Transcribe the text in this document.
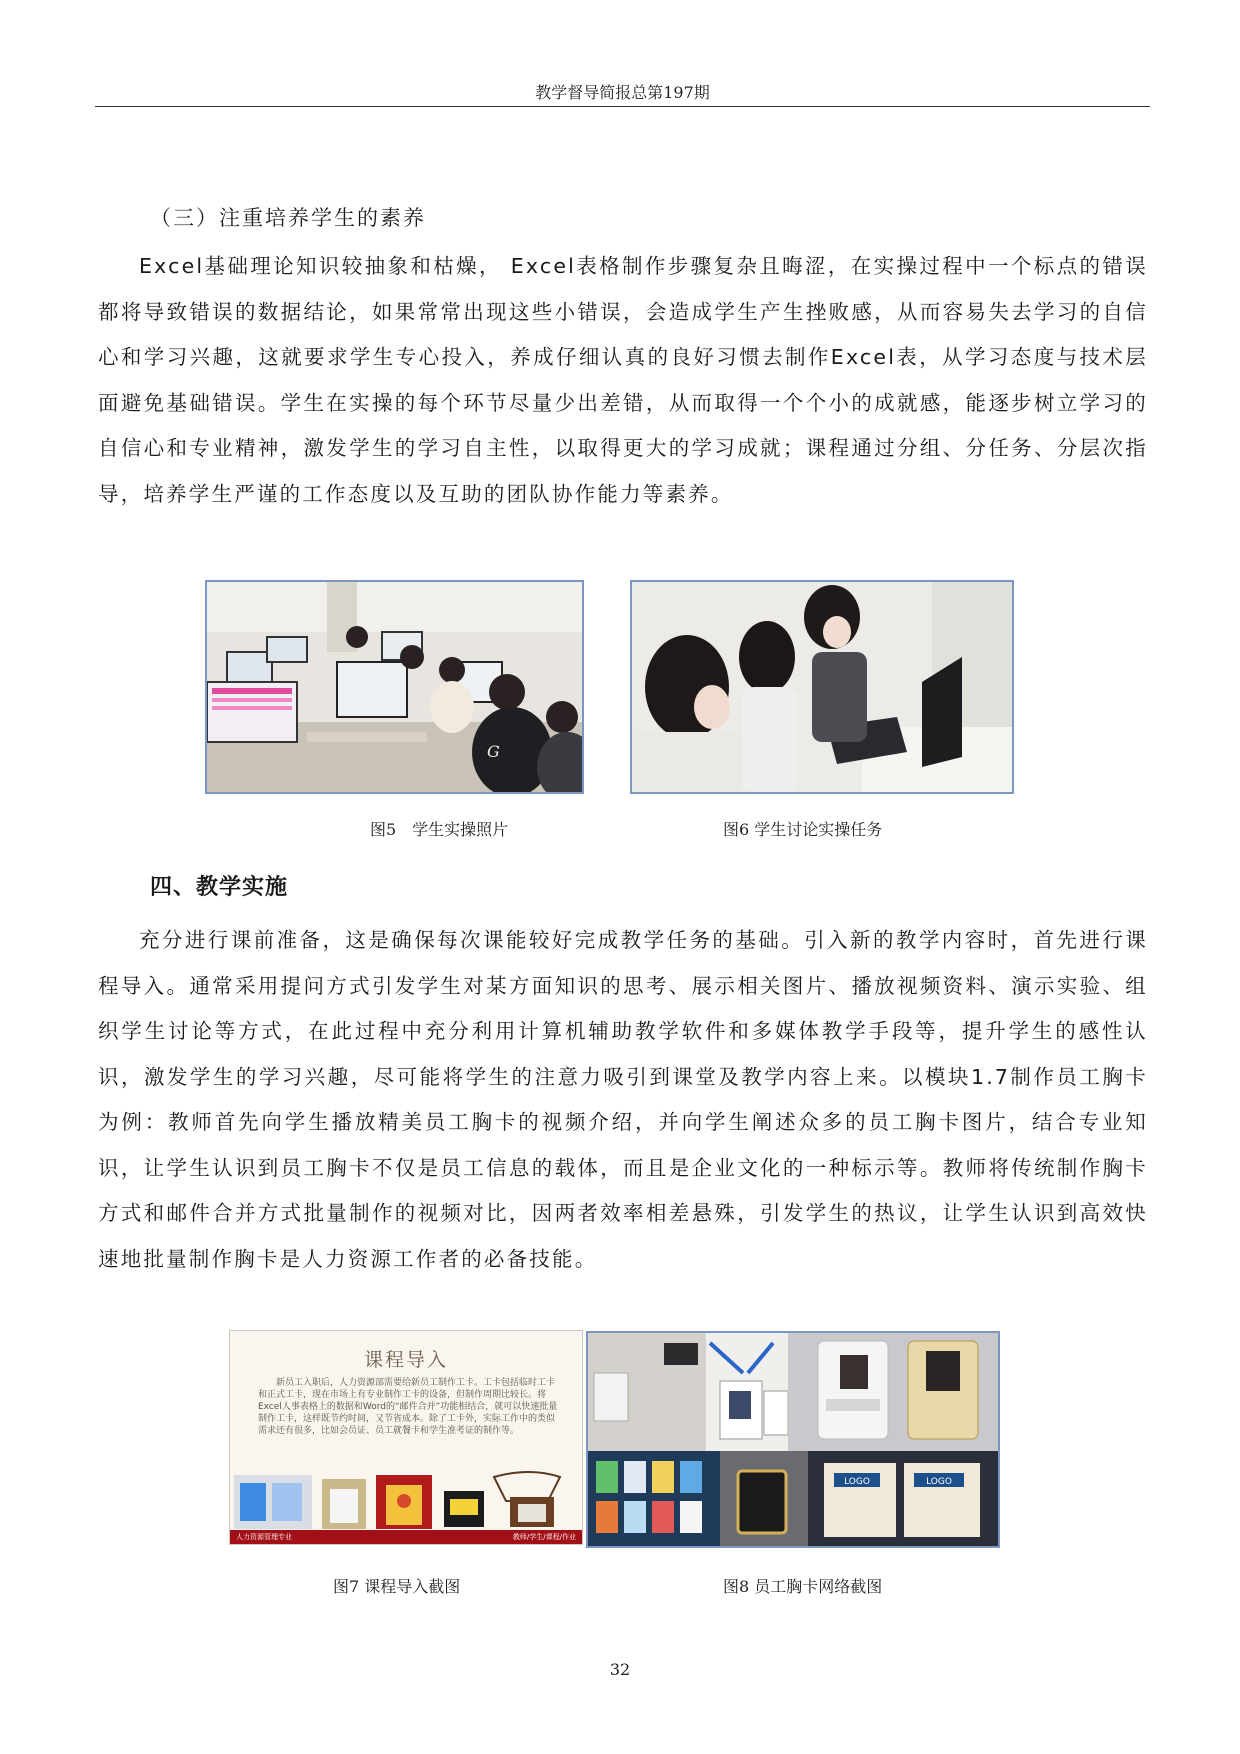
教学督导简报总第197期
（三）注重培养学生的素养

Excel基础理论知识较抽象和枯燥， Excel表格制作步骤复杂且晦涩，在实操过程中一个标点的错误都将导致错误的数据结论，如果常常出现这些小错误，会造成学生产生挫败感，从而容易失去学习的自信心和学习兴趣，这就要求学生专心投入，养成仔细认真的良好习惯去制作Excel表，从学习态度与技术层面避免基础错误。学生在实操的每个环节尽量少出差错，从而取得一个个小的成就感，能逐步树立学习的自信心和专业精神，激发学生的学习自主性，以取得更大的学习成就；课程通过分组、分任务、分层次指导，培养学生严谨的工作态度以及互助的团队协作能力等素养。

G
图5　学生实操照片	图6 学生讨论实操任务
四、教学实施

充分进行课前准备，这是确保每次课能较好完成教学任务的基础。引入新的教学内容时，首先进行课程导入。通常采用提问方式引发学生对某方面知识的思考、展示相关图片、播放视频资料、演示实验、组织学生讨论等方式，在此过程中充分利用计算机辅助教学软件和多媒体教学手段等，提升学生的感性认识，激发学生的学习兴趣，尽可能将学生的注意力吸引到课堂及教学内容上来。以模块1.7制作员工胸卡为例：教师首先向学生播放精美员工胸卡的视频介绍，并向学生阐述众多的员工胸卡图片，结合专业知识，让学生认识到员工胸卡不仅是员工信息的载体，而且是企业文化的一种标示等。教师将传统制作胸卡方式和邮件合并方式批量制作的视频对比，因两者效率相差悬殊，引发学生的热议，让学生认识到高效快速地批量制作胸卡是人力资源工作者的必备技能。

课程导入

新员工入职后，人力资源部需要给新员工制作工卡。工卡包括临时工卡和正式工卡，现在市场上有专业制作工卡的设备，但制作周期比较长。将Excel人事表格上的数据和Word的“邮件合并”功能相结合，就可以快速批量制作工卡，这样既节约时间，又节省成本。除了工卡外，实际工作中的类似需求还有很多，比如会员证、员工就餐卡和学生准考证的制作等。

人力资源管理专业	教师/学生/课程/作业
LOGO	LOGO
图7 课程导入截图	图8 员工胸卡网络截图
32
